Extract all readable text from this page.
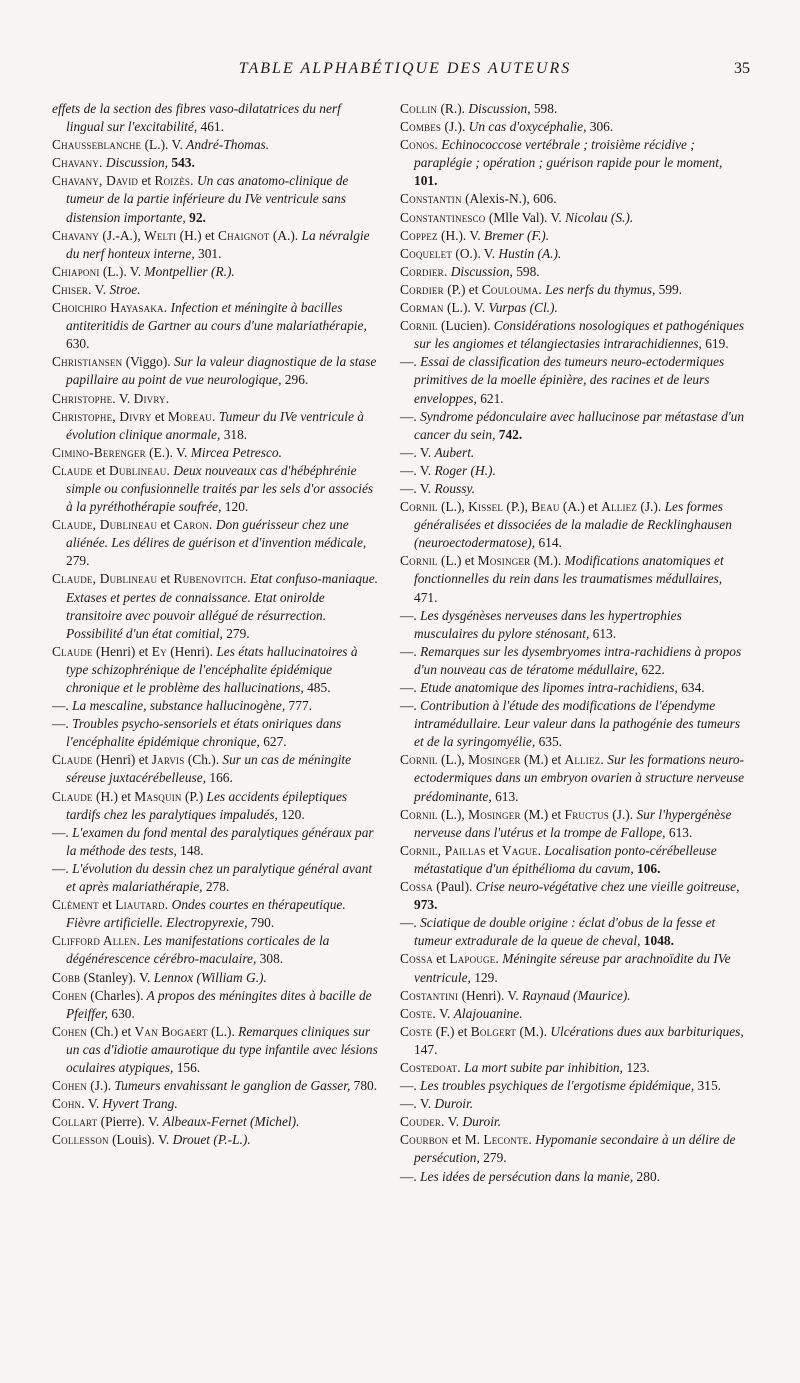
TABLE ALPHABÉTIQUE DES AUTEURS	35

effets de la section des fibres vaso-dilatatrices du nerf lingual sur l'excitabilité, 461.

Chausseblanche (L.). V. André-Thomas.

Chavany. Discussion, 543.

Chavany, David et Roizès. Un cas anatomo-clinique de tumeur de la partie inférieure du IVe ventricule sans distension importante, 92.

Chavany (J.-A.), Welti (H.) et Chaignot (A.). La névralgie du nerf honteux interne, 301.

Chiaponi (L.). V. Montpellier (R.).

Chiser. V. Stroe.

Choichiro Hayasaka. Infection et méningite à bacilles antiteritidis de Gartner au cours d'une malariathérapie, 630.

Christiansen (Viggo). Sur la valeur diagnostique de la stase papillaire au point de vue neurologique, 296.

Christophe. V. Divry.

Christophe, Divry et Moreau. Tumeur du IVe ventricule à évolution clinique anormale, 318.

Cimino-Berenger (E.). V. Mircea Petresco.

Claude et Dublineau. Deux nouveaux cas d'hébéphrénie simple ou confusionnelle traités par les sels d'or associés à la pyréthothérapie soufrée, 120.

Claude, Dublineau et Caron. Don guérisseur chez une aliénée. Les délires de guérison et d'invention médicale, 279.

Claude, Dublineau et Rubenovitch. Etat confuso-maniaque. Extases et pertes de connaissance. Etat onirolde transitoire avec pouvoir allégué de résurrection. Possibilité d'un état comitial, 279.

Claude (Henri) et Ey (Henri). Les états hallucinatoires à type schizophrénique de l'encéphalite épidémique chronique et le problème des hallucinations, 485.

—. La mescaline, substance hallucinogène, 777.

—. Troubles psycho-sensoriels et états oniriques dans l'encéphalite épidémique chronique, 627.

Claude (Henri) et Jarvis (Ch.). Sur un cas de méningite séreuse juxtacérébelleuse, 166.

Claude (H.) et Masquin (P.) Les accidents épileptiques tardifs chez les paralytiques impaludés, 120.

—. L'examen du fond mental des paralytiques généraux par la méthode des tests, 148.

—. L'évolution du dessin chez un paralytique général avant et après malariathérapie, 278.

Clément et Liautard. Ondes courtes en thérapeutique. Fièvre artificielle. Electropyrexie, 790.

Clifford Allen. Les manifestations corticales de la dégénérescence cérébro-maculaire, 308.

Cobb (Stanley). V. Lennox (William G.).

Cohen (Charles). A propos des méningites dites à bacille de Pfeiffer, 630.

Cohen (Ch.) et Van Bogaert (L.). Remarques cliniques sur un cas d'idiotie amaurotique du type infantile avec lésions oculaires atypiques, 156.

Cohen (J.). Tumeurs envahissant le ganglion de Gasser, 780.

Cohn. V. Hyvert Trang.

Collart (Pierre). V. Albeaux-Fernet (Michel).

Collesson (Louis). V. Drouet (P.-L.).

Collin (R.). Discussion, 598.

Combes (J.). Un cas d'oxycéphalie, 306.

Conos. Echinococcose vertébrale ; troisième récidive ; paraplégie ; opération ; guérison rapide pour le moment, 101.

Constantin (Alexis-N.), 606.

Constantinesco (Mlle Val). V. Nicolau (S.).

Coppez (H.). V. Bremer (F.).

Coquelet (O.). V. Hustin (A.).

Cordier. Discussion, 598.

Cordier (P.) et Coulouma. Les nerfs du thymus, 599.

Corman (L.). V. Vurpas (Cl.).

Cornil (Lucien). Considérations nosologiques et pathogéniques sur les angiomes et télangiectasies intrarachidiennes, 619.

—. Essai de classification des tumeurs neuro-ectodermiques primitives de la moelle épinière, des racines et de leurs enveloppes, 621.

—. Syndrome pédonculaire avec hallucinose par métastase d'un cancer du sein, 742.

—. V. Aubert.

—. V. Roger (H.).

—. V. Roussy.

Cornil (L.), Kissel (P.), Beau (A.) et Alliez (J.). Les formes généralisées et dissociées de la maladie de Recklinghausen (neuroectodermatose), 614.

Cornil (L.) et Mosinger (M.). Modifications anatomiques et fonctionnelles du rein dans les traumatismes médullaires, 471.

—. Les dysgénèses nerveuses dans les hypertrophies musculaires du pylore sténosant, 613.

—. Remarques sur les dysembryomes intra-rachidiens à propos d'un nouveau cas de tératome médullaire, 622.

—. Etude anatomique des lipomes intra-rachidiens, 634.

—. Contribution à l'étude des modifications de l'épendyme intramédullaire. Leur valeur dans la pathogénie des tumeurs et de la syringomyélie, 635.

Cornil (L.), Mosinger (M.) et Alliez. Sur les formations neuro-ectodermiques dans un embryon ovarien à structure nerveuse prédominante, 613.

Cornil (L.), Mosinger (M.) et Fructus (J.). Sur l'hypergénèse nerveuse dans l'utérus et la trompe de Fallope, 613.

Cornil, Paillas et Vague. Localisation ponto-cérébelleuse métastatique d'un épithélioma du cavum, 106.

Cossa (Paul). Crise neuro-végétative chez une vieille goitreuse, 973.

—. Sciatique de double origine : éclat d'obus de la fesse et tumeur extradurale de la queue de cheval, 1048.

Cossa et Lapouge. Méningite séreuse par arachnoïdite du IVe ventricule, 129.

Costantini (Henri). V. Raynaud (Maurice).

Coste. V. Alajouanine.

Coste (F.) et Bolgert (M.). Ulcérations dues aux barbituriques, 147.

Costedoat. La mort subite par inhibition, 123.

—. Les troubles psychiques de l'ergotisme épidémique, 315.

—. V. Duroir.

Couder. V. Duroir.

Courbon et M. Leconte. Hypomanie secondaire à un délire de persécution, 279.

—. Les idées de persécution dans la manie, 280.
